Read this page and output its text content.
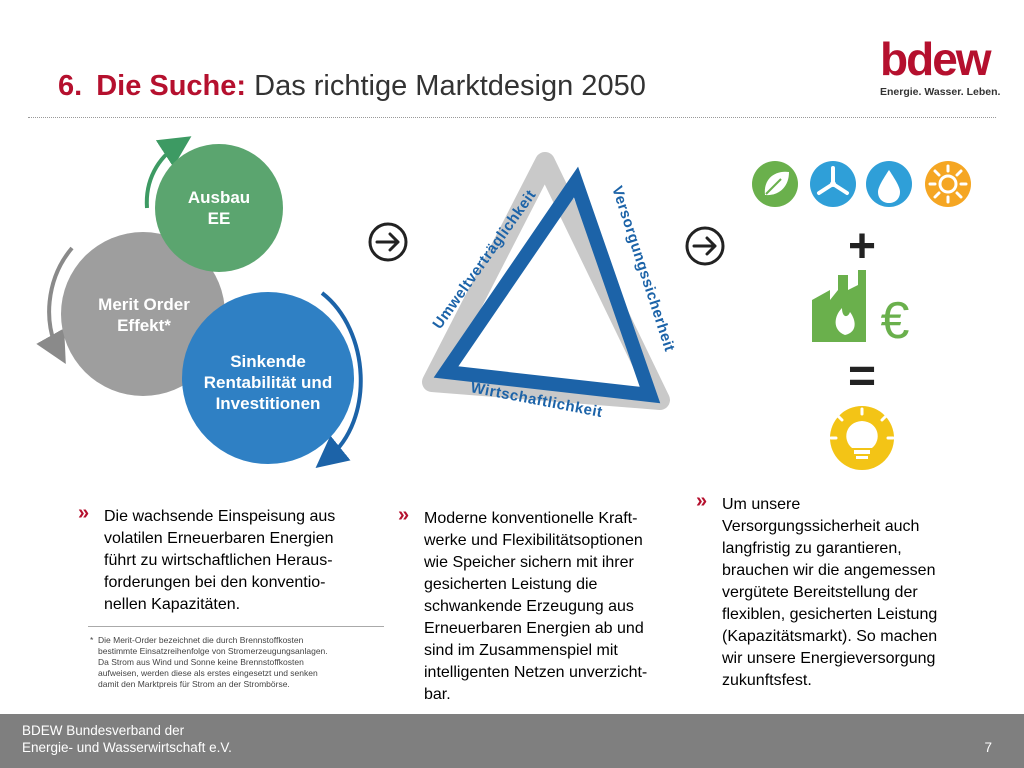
6. Die Suche: Das richtige Marktdesign 2050
bdew
Energie. Wasser. Leben.
Umweltverträglichkeit	Versorgungssicherheit
Wirtschaftlichkeit
+
=
€
Ausbau
EE
Merit Order
Effekt*
Sinkende
Rentabilität und
Investitionen
» Die wachsende Einspeisung aus
volatilen Erneuerbaren Energien
führt zu wirtschaftlichen Heraus-
forderungen bei den konventio-
nellen Kapazitäten.
* Die Merit-Order bezeichnet die durch Brennstoffkosten
bestimmte Einsatzreihenfolge von Stromerzeugungsanlagen.
Da Strom aus Wind und Sonne keine Brennstoffkosten
aufweisen, werden diese als erstes eingesetzt und senken
damit den Marktpreis für Strom an der Strombörse.
» Moderne konventionelle Kraft-
werke und Flexibilitätsoptionen
wie Speicher sichern mit ihrer
gesicherten Leistung die
schwankende Erzeugung aus
Erneuerbaren Energien ab und
sind im Zusammenspiel mit
intelligenten Netzen unverzicht-
bar.
» Um unsere
Versorgungssicherheit auch
langfristig zu garantieren,
brauchen wir die angemessen
vergütete Bereitstellung der
flexiblen, gesicherten Leistung
(Kapazitätsmarkt). So machen
wir unsere Energieversorgung
zukunftsfest.
BDEW Bundesverband der
Energie- und Wasserwirtschaft e.V.	7
